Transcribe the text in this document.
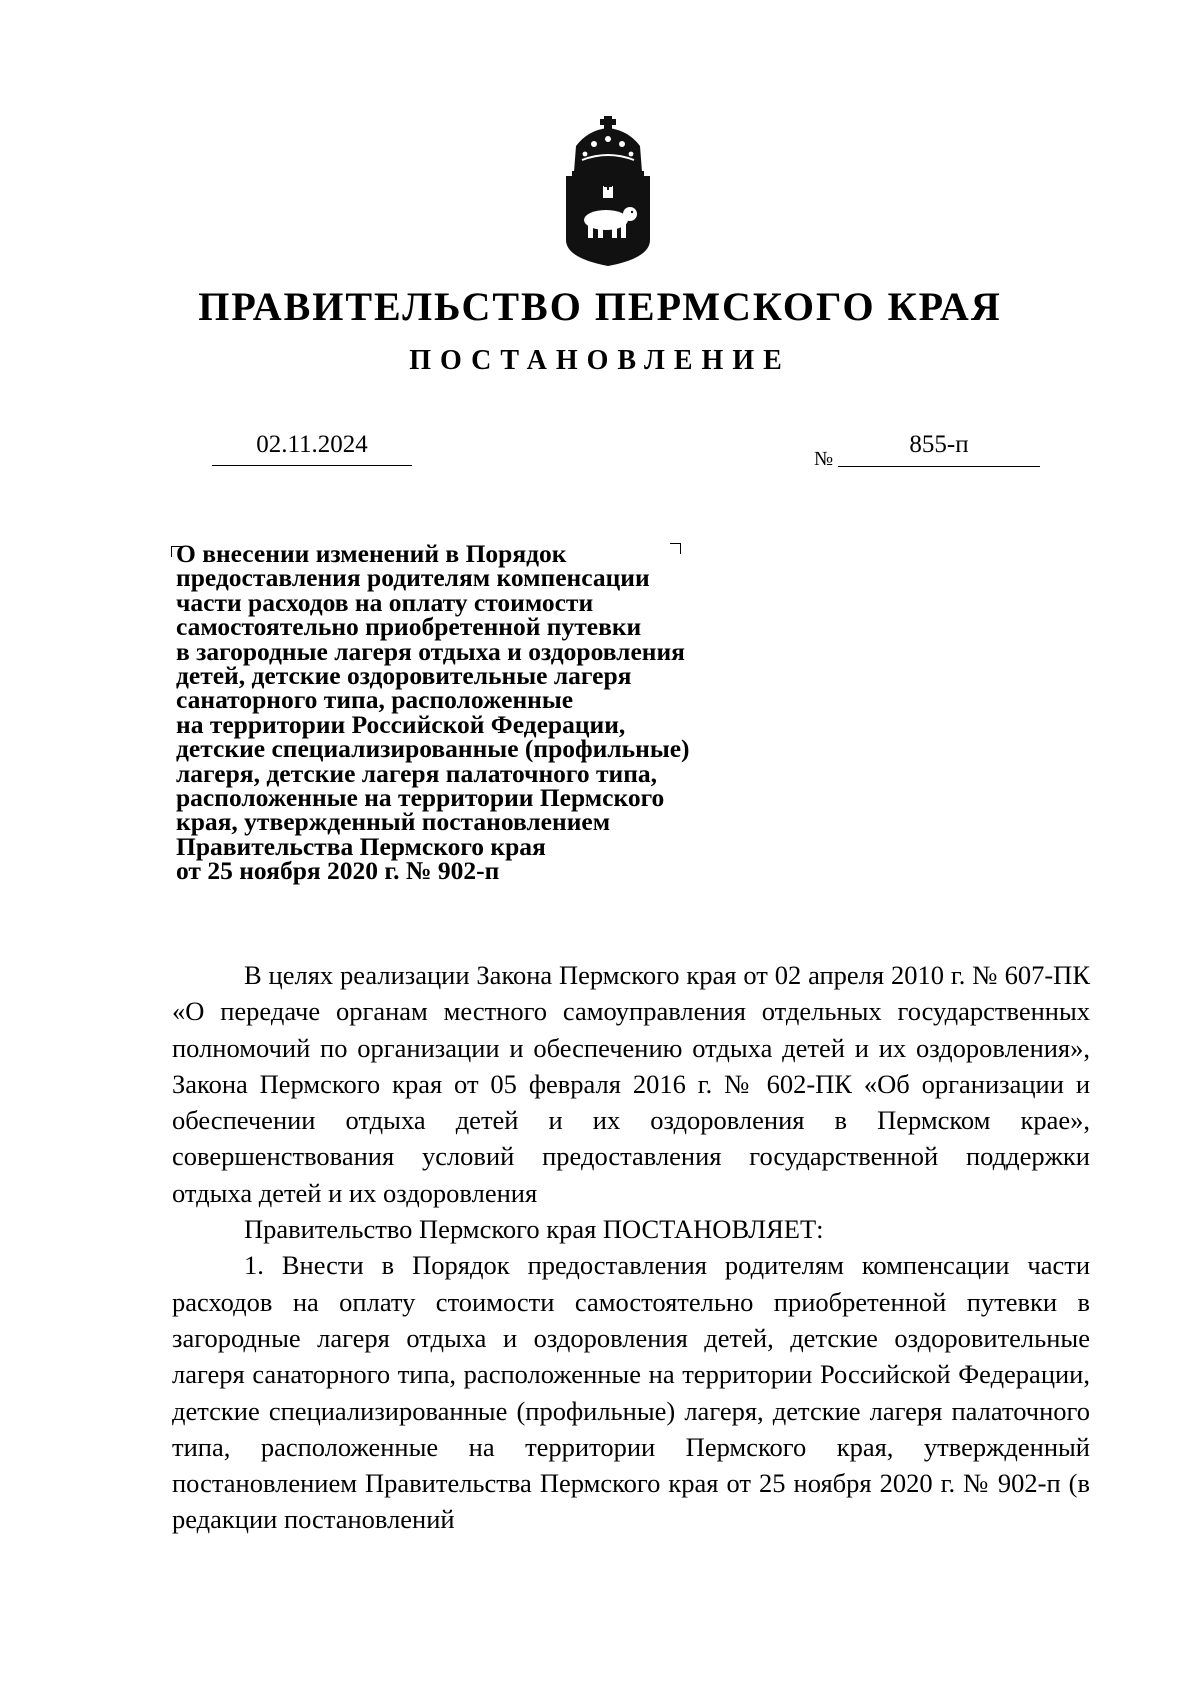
ПРАВИТЕЛЬСТВО ПЕРМСКОГО КРАЯ
ПОСТАНОВЛЕНИЕ
02.11.2024
№
855-п
О внесении изменений в Порядок
предоставления родителям компенсации
части расходов на оплату стоимости
самостоятельно приобретенной путевки
в загородные лагеря отдыха и оздоровления
детей, детские оздоровительные лагеря
санаторного типа, расположенные
на территории Российской Федерации,
детские специализированные (профильные)
лагеря, детские лагеря палаточного типа,
расположенные на территории Пермского
края, утвержденный постановлением
Правительства Пермского края
от 25 ноября 2020 г. № 902-п

В целях реализации Закона Пермского края от 02 апреля 2010 г. № 607-ПК «О передаче органам местного самоуправления отдельных государственных полномочий по организации и обеспечению отдыха детей и их оздоровления», Закона Пермского края от 05 февраля 2016 г. № 602-ПК «Об организации и обеспечении отдыха детей и их оздоровления в Пермском крае», совершенствования условий предоставления государственной поддержки отдыха детей и их оздоровления

Правительство Пермского края ПОСТАНОВЛЯЕТ:

1. Внести в Порядок предоставления родителям компенсации части расходов на оплату стоимости самостоятельно приобретенной путевки в загородные лагеря отдыха и оздоровления детей, детские оздоровительные лагеря санаторного типа, расположенные на территории Российской Федерации, детские специализированные (профильные) лагеря, детские лагеря палаточного типа, расположенные на территории Пермского края, утвержденный постановлением Правительства Пермского края от 25 ноября 2020 г. № 902-п (в редакции постановлений
